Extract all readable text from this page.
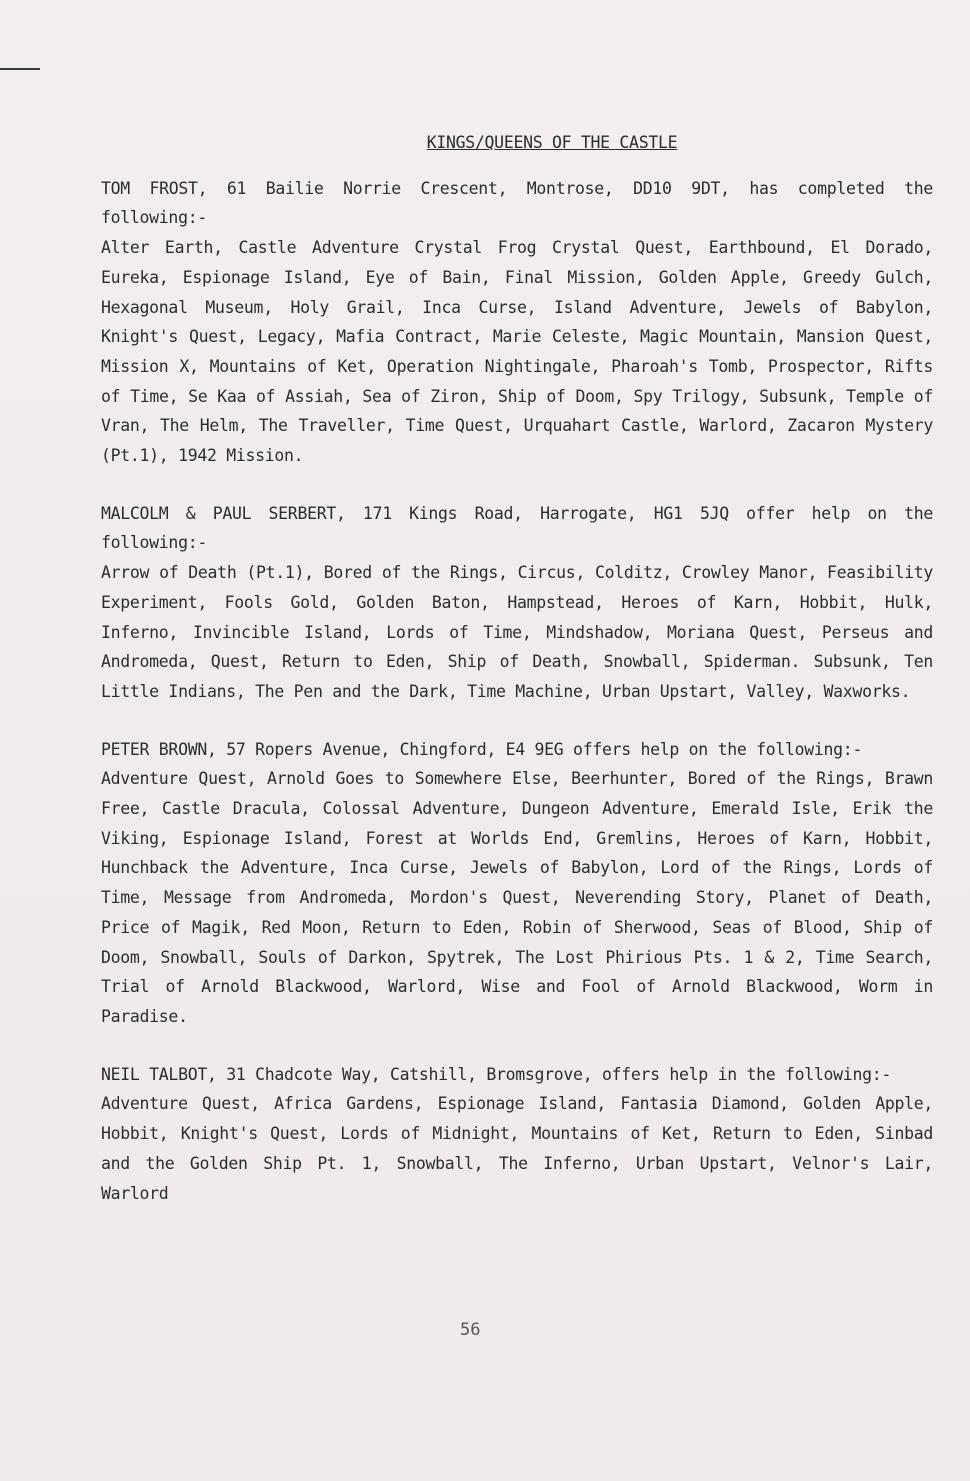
KINGS/QUEENS OF THE CASTLE

TOM FROST, 61 Bailie Norrie Crescent, Montrose, DD10 9DT, has completed the following:-

Alter Earth, Castle Adventure Crystal Frog Crystal Quest, Earthbound, El Dorado, Eureka, Espionage Island, Eye of Bain, Final Mission, Golden Apple, Greedy Gulch, Hexagonal Museum, Holy Grail, Inca Curse, Island Adventure, Jewels of Babylon, Knight's Quest, Legacy, Mafia Contract, Marie Celeste, Magic Mountain, Mansion Quest, Mission X, Mountains of Ket, Operation Nightingale, Pharoah's Tomb, Prospector, Rifts of Time, Se Kaa of Assiah, Sea of Ziron, Ship of Doom, Spy Trilogy, Subsunk, Temple of Vran, The Helm, The Traveller, Time Quest, Urquahart Castle, Warlord, Zacaron Mystery (Pt.1), 1942 Mission.

MALCOLM & PAUL SERBERT, 171 Kings Road, Harrogate, HG1 5JQ offer help on the following:-

Arrow of Death (Pt.1), Bored of the Rings, Circus, Colditz, Crowley Manor, Feasibility Experiment, Fools Gold, Golden Baton, Hampstead, Heroes of Karn, Hobbit, Hulk, Inferno, Invincible Island, Lords of Time, Mindshadow, Moriana Quest, Perseus and Andromeda, Quest, Return to Eden, Ship of Death, Snowball, Spiderman. Subsunk, Ten Little Indians, The Pen and the Dark, Time Machine, Urban Upstart, Valley, Waxworks.

PETER BROWN, 57 Ropers Avenue, Chingford, E4 9EG offers help on the following:-

Adventure Quest, Arnold Goes to Somewhere Else, Beerhunter, Bored of the Rings, Brawn Free, Castle Dracula, Colossal Adventure, Dungeon Adventure, Emerald Isle, Erik the Viking, Espionage Island, Forest at Worlds End, Gremlins, Heroes of Karn, Hobbit, Hunchback the Adventure, Inca Curse, Jewels of Babylon, Lord of the Rings, Lords of Time, Message from Andromeda, Mordon's Quest, Neverending Story, Planet of Death, Price of Magik, Red Moon, Return to Eden, Robin of Sherwood, Seas of Blood, Ship of Doom, Snowball, Souls of Darkon, Spytrek, The Lost Phirious Pts. 1 & 2, Time Search, Trial of Arnold Blackwood, Warlord, Wise and Fool of Arnold Blackwood, Worm in Paradise.

NEIL TALBOT, 31 Chadcote Way, Catshill, Bromsgrove, offers help in the following:-

Adventure Quest, Africa Gardens, Espionage Island, Fantasia Diamond, Golden Apple, Hobbit, Knight's Quest, Lords of Midnight, Mountains of Ket, Return to Eden, Sinbad and the Golden Ship Pt. 1, Snowball, The Inferno, Urban Upstart, Velnor's Lair, Warlord

56
